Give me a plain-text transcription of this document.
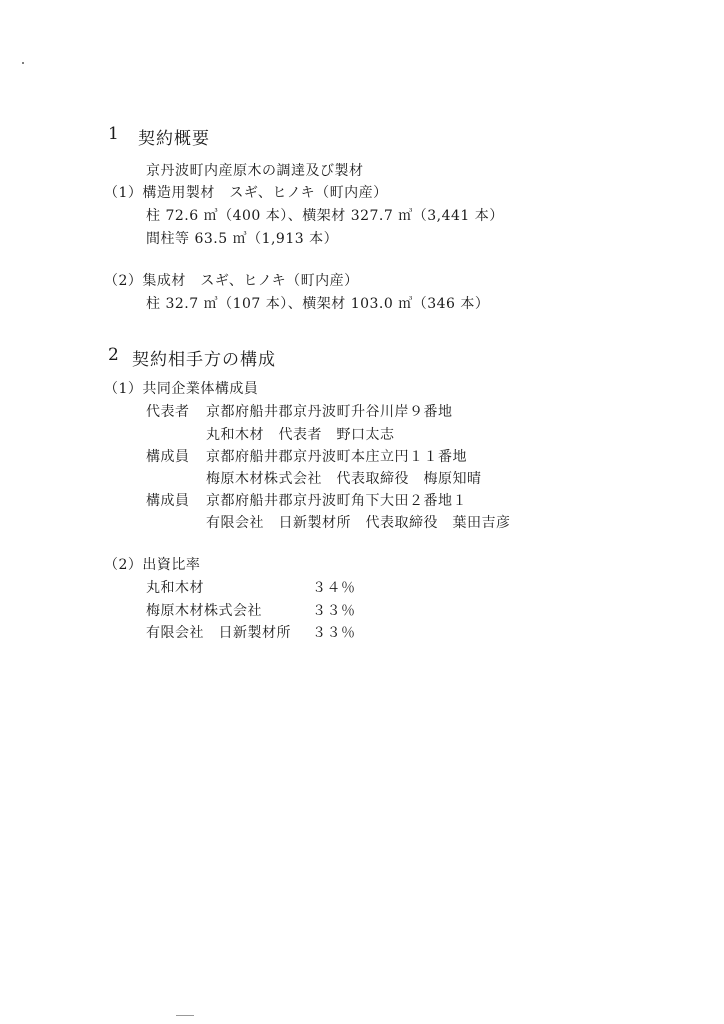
1 契約概要
京丹波町内産原木の調達及び製材
（1）構造用製材　スギ、ヒノキ（町内産）
柱 72.6 ㎥（400 本）、横架材 327.7 ㎥（3,441 本）
間柱等 63.5 ㎥（1,913 本）
（2）集成材　スギ、ヒノキ（町内産）
柱 32.7 ㎥（107 本）、横架材 103.0 ㎥（346 本）
2 契約相手方の構成
（1）共同企業体構成員
代表者 京都府船井郡京丹波町升谷川岸９番地
丸和木材　代表者　野口太志
構成員 京都府船井郡京丹波町本庄立円１１番地
梅原木材株式会社　代表取締役　梅原知晴
構成員 京都府船井郡京丹波町角下大田２番地１
有限会社　日新製材所　代表取締役　葉田吉彦
（2）出資比率
丸和木材	３４％
梅原木材株式会社	３３％
有限会社　日新製材所 ３３％
